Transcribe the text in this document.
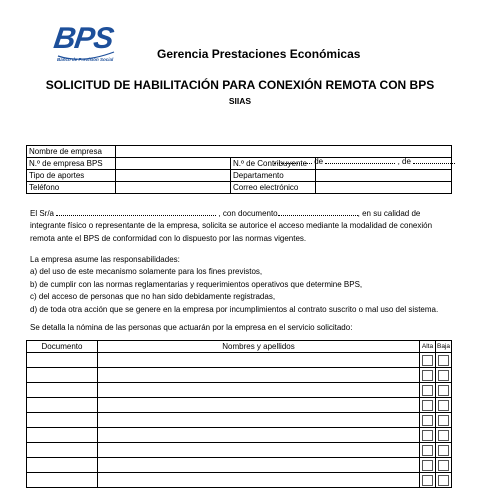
BPS
Banco de Previsión Social	Gerencia Prestaciones Económicas
SOLICITUD DE HABILITACIÓN PARA CONEXIÓN REMOTA CON BPS
SIIAS
de	, de
Nombre de empresa			
N.º de empresa BPS		N.º de Contribuyente	
Tipo de aportes		Departamento	
Teléfono		Correo electrónico	
El Sr/a	, con documento	, en su calidad de integrante físico o representante de la empresa, solicita se autorice el acceso mediante la modalidad de conexión remota ante el BPS de conformidad con lo dispuesto por las normas vigentes.
La empresa asume las responsabilidades:
a) del uso de este mecanismo solamente para los fines previstos,
b) de cumplir con las normas reglamentarias y requerimientos operativos que determine BPS,
c) del acceso de personas que no han sido debidamente registradas,
d) de toda otra acción que se genere en la empresa por incumplimientos al contrato suscrito o mal uso del sistema.
Se detalla la nómina de las personas que actuarán por la empresa en el servicio solicitado:
Documento	Nombres y apellidos	Alta	Baja
